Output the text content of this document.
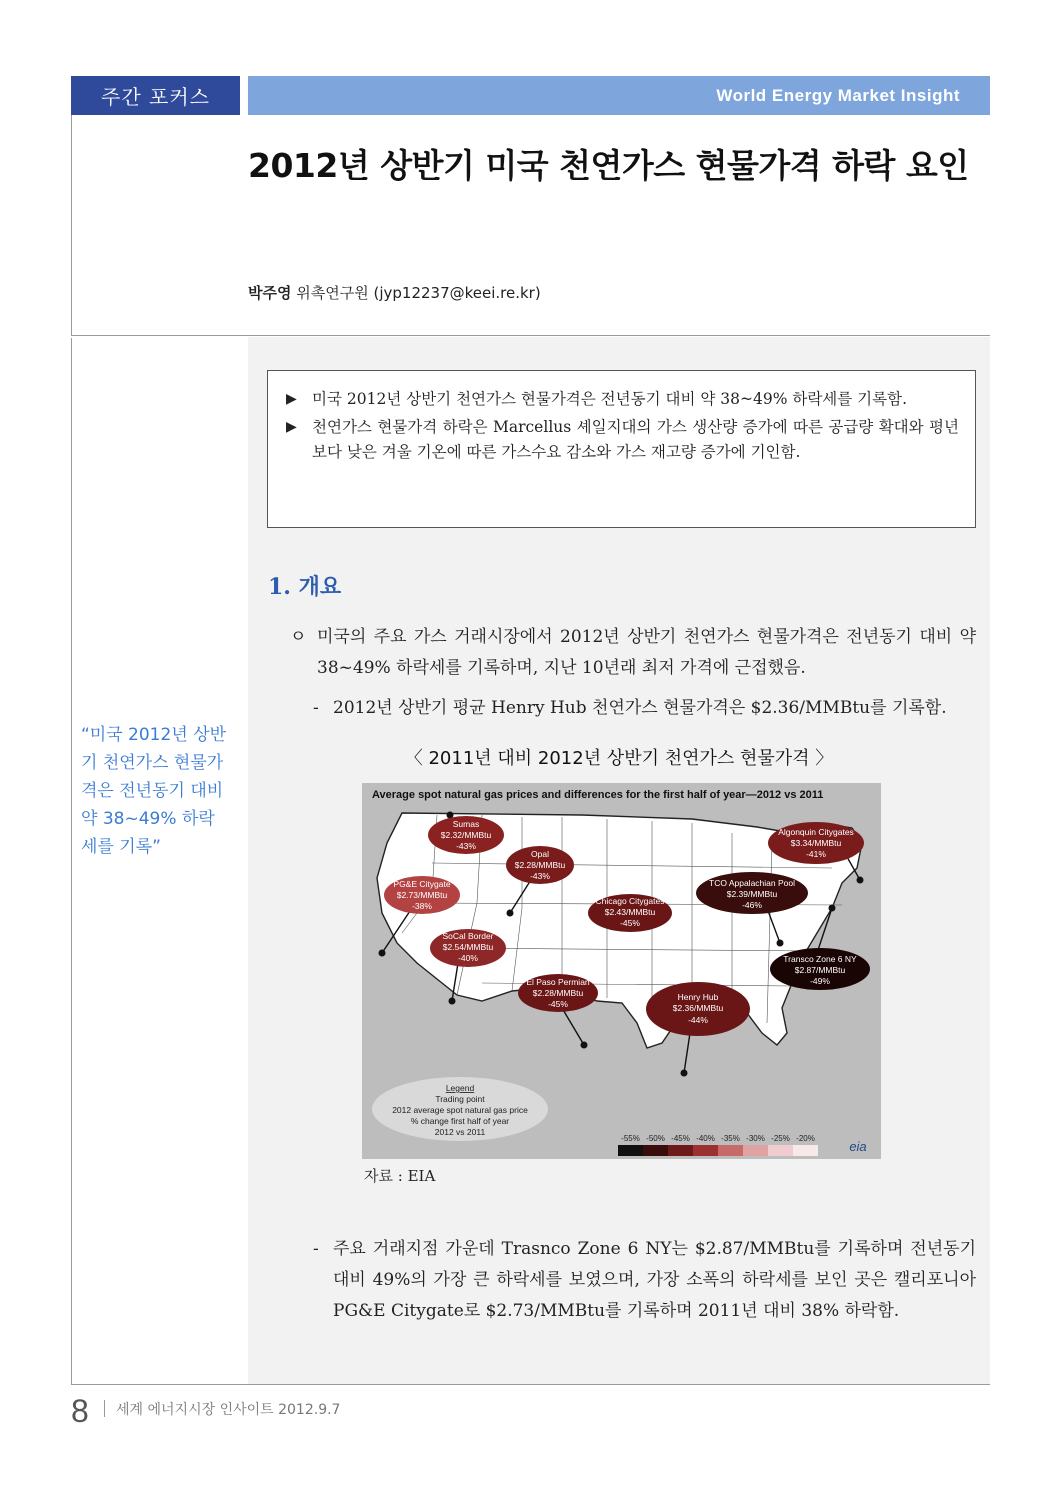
주간 포커스	World Energy Market Insight
2012년 상반기 미국 천연가스 현물가격 하락 요인
박주영 위촉연구원 (jyp12237@keei.re.kr)
▶ 미국 2012년 상반기 천연가스 현물가격은 전년동기 대비 약 38~49% 하락세를 기록함.
▶ 천연가스 현물가격 하락은 Marcellus 셰일지대의 가스 생산량 증가에 따른 공급량 확대와 평년보다 낮은 겨울 기온에 따른 가스수요 감소와 가스 재고량 증가에 기인함.
1. 개요
ㅇ 미국의 주요 가스 거래시장에서 2012년 상반기 천연가스 현물가격은 전년동기 대비 약 38~49% 하락세를 기록하며, 지난 10년래 최저 가격에 근접했음.
- 2012년 상반기 평균 Henry Hub 천연가스 현물가격은 $2.36/MMBtu를 기록함.
〈 2011년 대비 2012년 상반기 천연가스 현물가격 〉
Average spot natural gas prices and differences for the first half of year—2012 vs 2011
Sumas
$2.32/MMBtu
-43%
Opal
$2.28/MMBtu
-43%
PG&E Citygate
$2.73/MMBtu
-38%
SoCal Border
$2.54/MMBtu
-40%
El Paso Permian
$2.28/MMBtu
-45%
Chicago Citygates
$2.43/MMBtu
-45%
Henry Hub
$2.36/MMBtu
-44%
TCO Appalachian Pool
$2.39/MMBtu
-46%
Algonquin Citygates
$3.34/MMBtu
-41%
Transco Zone 6 NY
$2.87/MMBtu
-49%
Legend
Trading point
2012 average spot natural gas price
% change first half of year
2012 vs 2011
-55% -50% -45% -40% -35% -30% -25% -20%
eia
자료 : EIA
- 주요 거래지점 가운데 Trasnco Zone 6 NY는 $2.87/MMBtu를 기록하며 전년동기 대비 49%의 가장 큰 하락세를 보였으며, 가장 소폭의 하락세를 보인 곳은 캘리포니아 PG&E Citygate로 $2.73/MMBtu를 기록하며 2011년 대비 38% 하락함.
“미국 2012년 상반기 천연가스 현물가격은 전년동기 대비 약 38~49% 하락세를 기록”
8 세계 에너지시장 인사이트 2012.9.7
